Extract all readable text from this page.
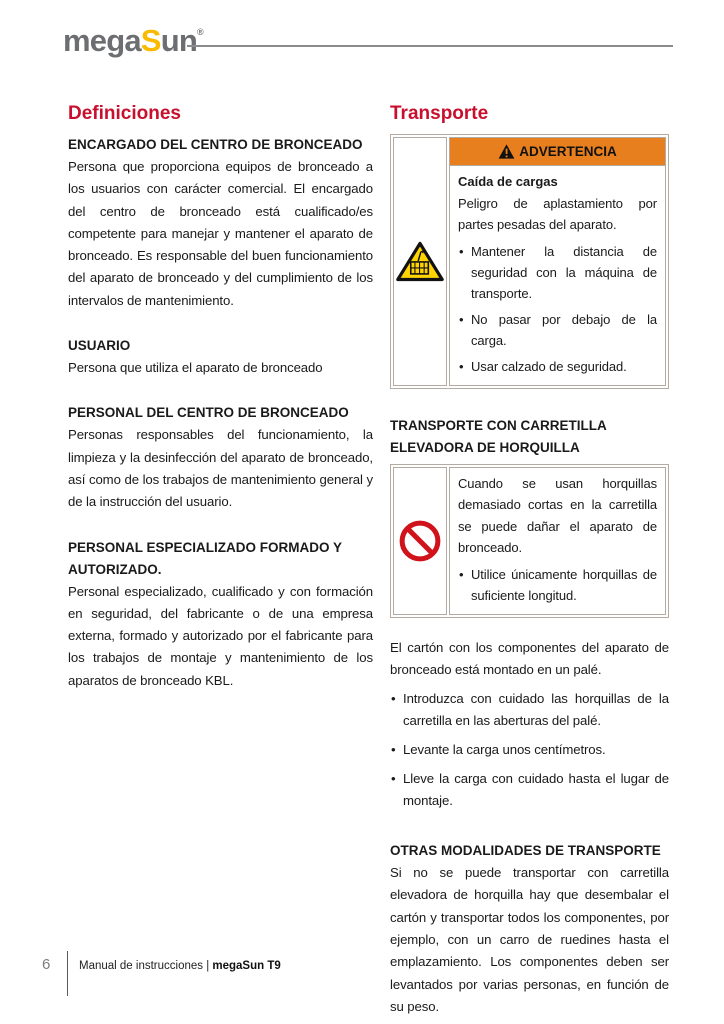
megaSun®
Definiciones
ENCARGADO DEL CENTRO DE BRONCEADO

Persona que proporciona equipos de bronceado a los usuarios con carácter comercial. El encargado del centro de bronceado está cualificado/es competente para manejar y mantener el aparato de bronceado. Es responsable del buen funcionamiento del aparato de bronceado y del cumplimiento de los intervalos de mantenimiento.

USUARIO

Persona que utiliza el aparato de bronceado

PERSONAL DEL CENTRO DE BRONCEADO

Personas responsables del funcionamiento, la limpieza y la desinfección del aparato de bronceado, así como de los trabajos de mantenimiento general y de la instrucción del usuario.

PERSONAL ESPECIALIZADO FORMADO Y AUTORIZADO.

Personal especializado, cualificado y con formación en seguridad, del fabricante o de una empresa externa, formado y autorizado por el fabricante para los trabajos de montaje y mantenimiento de los aparatos de bronceado KBL.

Transporte
ADVERTENCIA
Caída de cargas

Peligro de aplastamiento por partes pesadas del aparato.

• Mantener la distancia de seguridad con la máquina de transporte.
• No pasar por debajo de la carga.
• Usar calzado de seguridad.
TRANSPORTE CON CARRETILLA ELEVADORA DE HORQUILLA

Cuando se usan horquillas demasiado cortas en la carretilla se puede dañar el aparato de bronceado.

• Utilice únicamente horquillas de suficiente longitud.

El cartón con los componentes del aparato de bronceado está montado en un palé.

• Introduzca con cuidado las horquillas de la carretilla en las aberturas del palé.
• Levante la carga unos centímetros.
• Lleve la carga con cuidado hasta el lugar de montaje.
OTRAS MODALIDADES DE TRANSPORTE

Si no se puede transportar con carretilla elevadora de horquilla hay que desembalar el cartón y transportar todos los componentes, por ejemplo, con un carro de ruedines hasta el emplazamiento. Los componentes deben ser levantados por varias personas, en función de su peso.

6 Manual de instrucciones | megaSun T9
